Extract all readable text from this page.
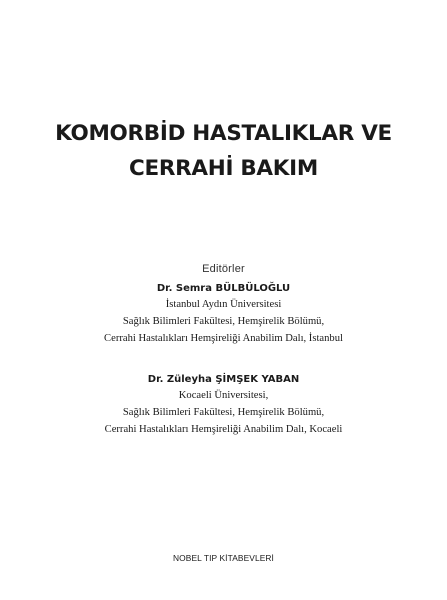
KOMORBİD HASTALIKLAR VE
CERRAHİ BAKIM

Editörler

Dr. Semra BÜLBÜLOĞLU

İstanbul Aydın Üniversitesi

Sağlık Bilimleri Fakültesi, Hemşirelik Bölümü,

Cerrahi Hastalıkları Hemşireliği Anabilim Dalı, İstanbul

Dr. Züleyha ŞİMŞEK YABAN

Kocaeli Üniversitesi,

Sağlık Bilimleri Fakültesi, Hemşirelik Bölümü,

Cerrahi Hastalıkları Hemşireliği Anabilim Dalı, Kocaeli

NOBEL TIP KİTABEVLERİ
